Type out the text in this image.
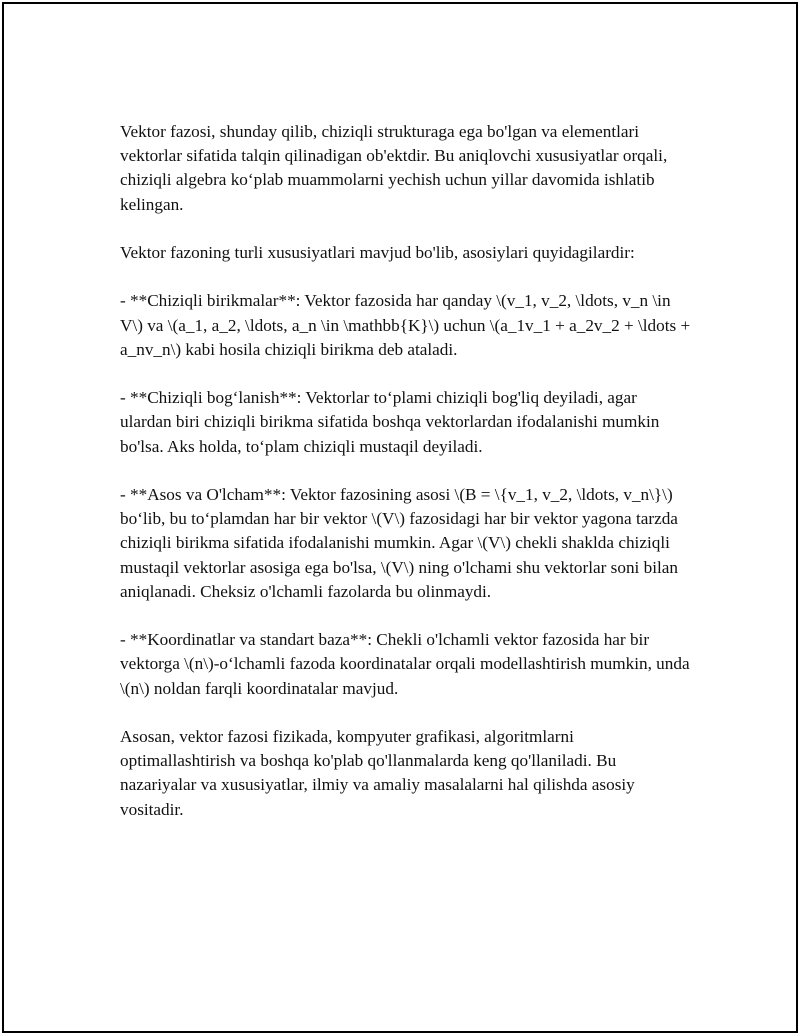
Vektor fazosi, shunday qilib, chiziqli strukturaga ega bo'lgan va elementlari vektorlar sifatida talqin qilinadigan ob'ektdir. Bu aniqlovchi xususiyatlar orqali, chiziqli algebra ko‘plab muammolarni yechish uchun yillar davomida ishlatib kelingan.

Vektor fazoning turli xususiyatlari mavjud bo'lib, asosiylari quyidagilardir:

- **Chiziqli birikmalar**: Vektor fazosida har qanday \(v_1, v_2, \ldots, v_n \in V\) va \(a_1, a_2, \ldots, a_n \in \mathbb{K}\) uchun \(a_1v_1 + a_2v_2 + \ldots + a_nv_n\) kabi hosila chiziqli birikma deb ataladi.

- **Chiziqli bog‘lanish**: Vektorlar to‘plami chiziqli bog'liq deyiladi, agar ulardan biri chiziqli birikma sifatida boshqa vektorlardan ifodalanishi mumkin bo'lsa. Aks holda, to‘plam chiziqli mustaqil deyiladi.

- **Asos va O'lcham**: Vektor fazosining asosi \(B = \{v_1, v_2, \ldots, v_n\}\) bo‘lib, bu to‘plamdan har bir vektor \(V\) fazosidagi har bir vektor yagona tarzda chiziqli birikma sifatida ifodalanishi mumkin. Agar \(V\) chekli shaklda chiziqli mustaqil vektorlar asosiga ega bo'lsa, \(V\) ning o'lchami shu vektorlar soni bilan aniqlanadi. Cheksiz o'lchamli fazolarda bu olinmaydi.

- **Koordinatlar va standart baza**: Chekli o'lchamli vektor fazosida har bir vektorga \(n\)-o‘lchamli fazoda koordinatalar orqali modellashtirish mumkin, unda \(n\) noldan farqli koordinatalar mavjud.

Asosan, vektor fazosi fizikada, kompyuter grafikasi, algoritmlarni optimallashtirish va boshqa ko'plab qo'llanmalarda keng qo'llaniladi. Bu nazariyalar va xususiyatlar, ilmiy va amaliy masalalarni hal qilishda asosiy vositadir.
